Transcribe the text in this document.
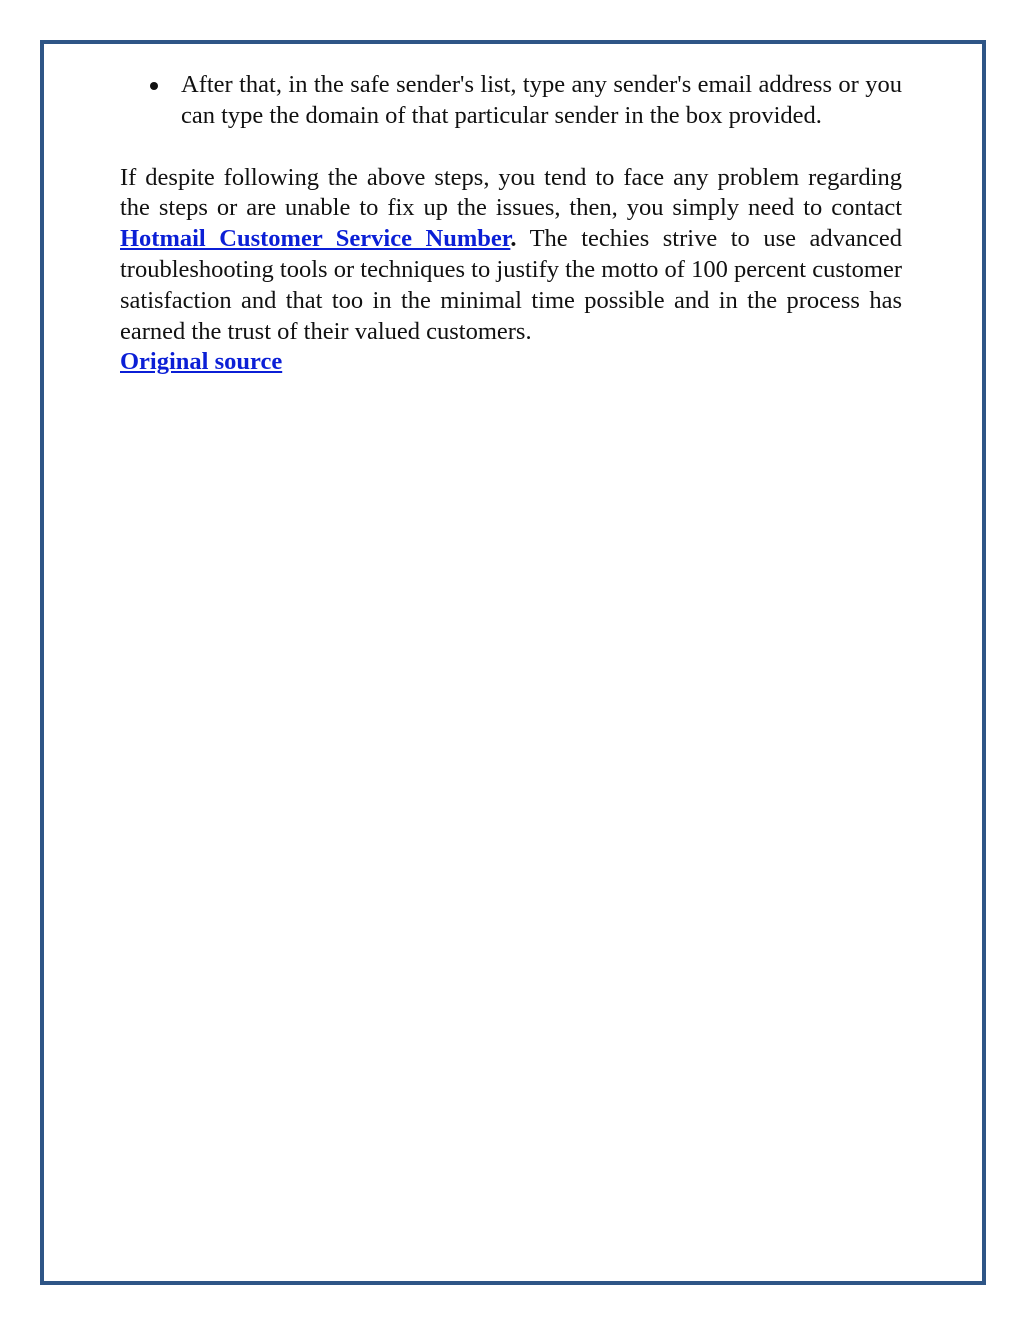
After that, in the safe sender's list, type any sender's email address or you can type the domain of that particular sender in the box provided.

If despite following the above steps, you tend to face any problem regarding the steps or are unable to fix up the issues, then, you simply need to contact Hotmail Customer Service Number. The techies strive to use advanced troubleshooting tools or techniques to justify the motto of 100 percent customer satisfaction and that too in the minimal time possible and in the process has earned the trust of their valued customers.

Original source
